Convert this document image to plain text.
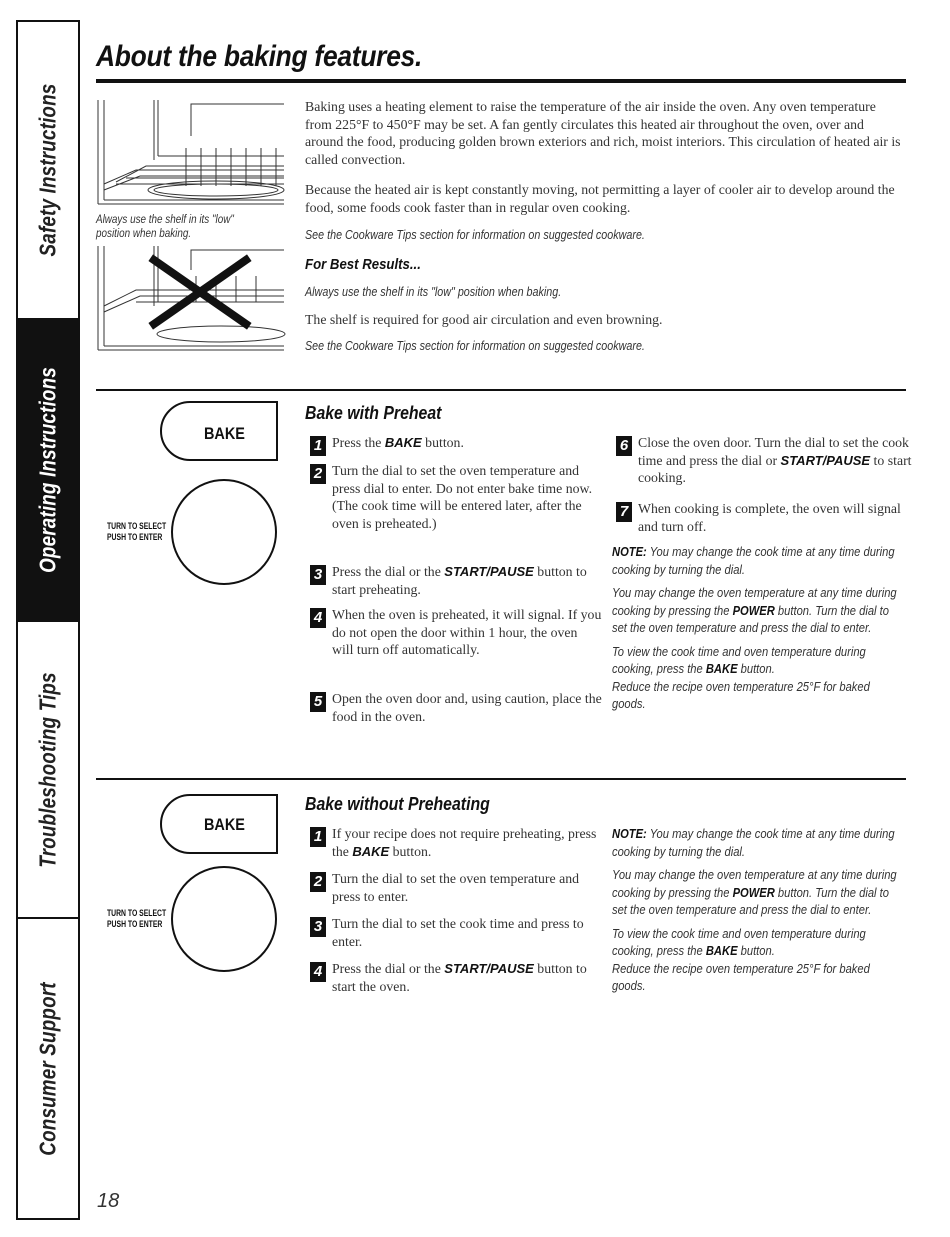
Safety Instructions
Operating Instructions
Troubleshooting Tips
Consumer Support
About the baking features.
Always use the shelf in its "low"
position when baking.
Baking uses a heating element to raise the temperature of the air inside the oven. Any oven temperature from 225°F to 450°F may be set. A fan gently circulates this heated air throughout the oven, over and around the food, producing golden brown exteriors and rich, moist interiors. This circulation of heated air is called convection.
Because the heated air is kept constantly moving, not permitting a layer of cooler air to develop around the food, some foods cook faster than in regular oven cooking.
See the Cookware Tips section for information on suggested cookware.
For Best Results...
Always use the shelf in its "low" position when baking.
The shelf is required for good air circulation and even browning.
See the Cookware Tips section for information on suggested cookware.
BAKE
TURN TO SELECT
PUSH TO ENTER
Bake with Preheat
1 Press the BAKE button.
2 Turn the dial to set the oven temperature and press dial to enter. Do not enter bake time now. (The cook time will be entered later, after the oven is preheated.)
3 Press the dial or the START/PAUSE button to start preheating.
4 When the oven is preheated, it will signal. If you do not open the door within 1 hour, the oven will turn off automatically.
5 Open the oven door and, using caution, place the food in the oven.
6 Close the oven door. Turn the dial to set the cook time and press the dial or START/PAUSE to start cooking.
7 When cooking is complete, the oven will signal and turn off.
NOTE: You may change the cook time at any time during cooking by turning the dial.
You may change the oven temperature at any time during cooking by pressing the POWER button. Turn the dial to set the oven temperature and press the dial to enter.
To view the cook time and oven temperature during cooking, press the BAKE button.
Reduce the recipe oven temperature 25°F for baked goods.
BAKE
TURN TO SELECT
PUSH TO ENTER
Bake without Preheating
1 If your recipe does not require preheating, press the BAKE button.
2 Turn the dial to set the oven temperature and press to enter.
3 Turn the dial to set the cook time and press to enter.
4 Press the dial or the START/PAUSE button to start the oven.
NOTE: You may change the cook time at any time during cooking by turning the dial.
You may change the oven temperature at any time during cooking by pressing the POWER button. Turn the dial to set the oven temperature and press the dial to enter.
To view the cook time and oven temperature during cooking, press the BAKE button.
Reduce the recipe oven temperature 25°F for baked goods.
18
